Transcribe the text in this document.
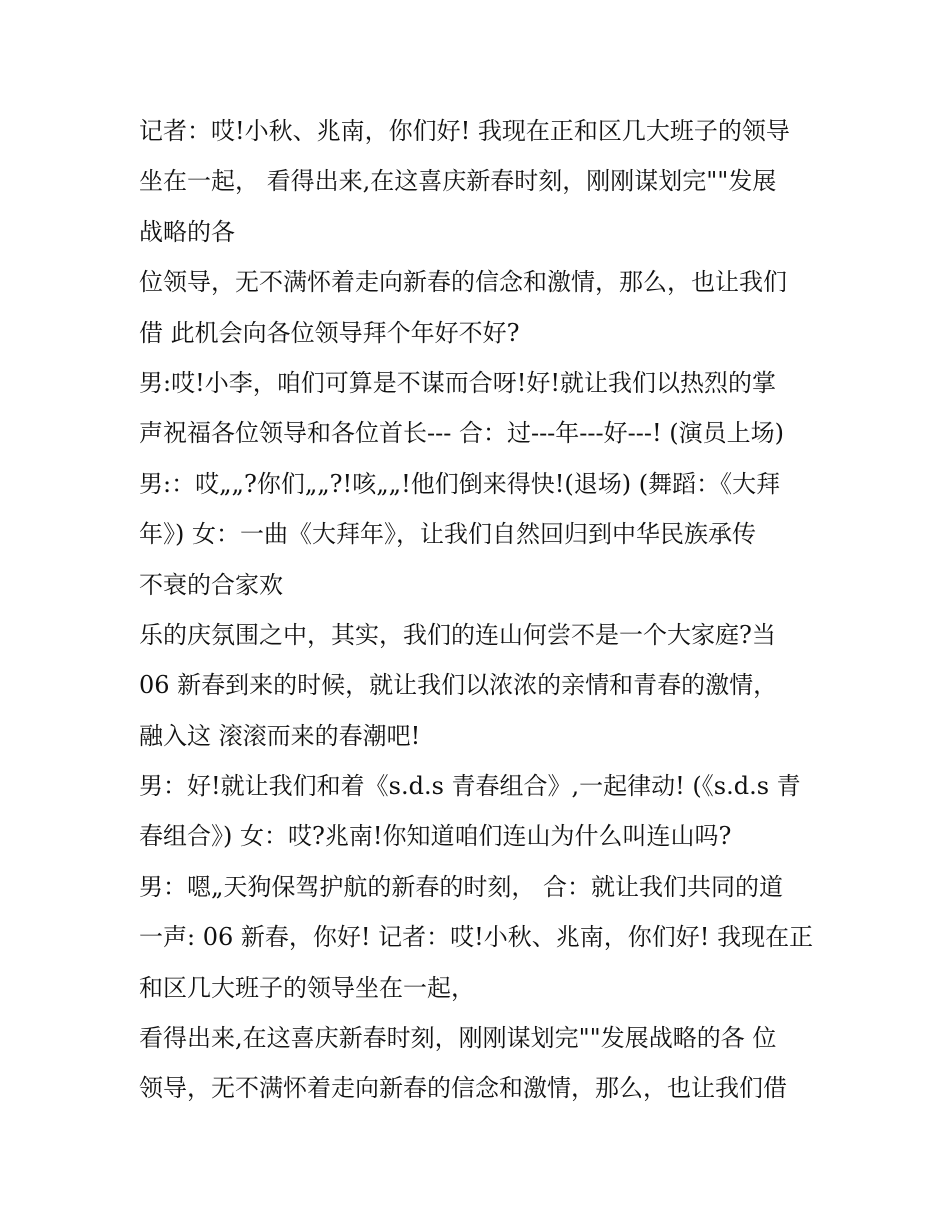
记者：哎!小秋、兆南，你们好! 我现在正和区几大班子的领导
坐在一起， 看得出来,在这喜庆新春时刻，刚刚谋划完""发展
战略的各
位领导，无不满怀着走向新春的信念和激情，那么，也让我们
借 此机会向各位领导拜个年好不好?
男:哎!小李，咱们可算是不谋而合呀!好!就让我们以热烈的掌
声祝福各位领导和各位首长--- 合：过---年---好---! (演员上场)
男:：哎„„?你们„„?!咳„„!他们倒来得快!(退场) (舞蹈：《大拜
年》) 女：一曲《大拜年》，让我们自然回归到中华民族承传
不衰的合家欢
乐的庆氛围之中，其实，我们的连山何尝不是一个大家庭?当
06 新春到来的时候，就让我们以浓浓的亲情和青春的激情，
融入这 滚滚而来的春潮吧!
男：好!就让我们和着《s.d.s 青春组合》,一起律动! (《s.d.s 青
春组合》) 女：哎?兆南!你知道咱们连山为什么叫连山吗?
男：嗯„天狗保驾护航的新春的时刻， 合：就让我们共同的道
一声: 06 新春，你好! 记者：哎!小秋、兆南，你们好! 我现在正
和区几大班子的领导坐在一起，
看得出来,在这喜庆新春时刻，刚刚谋划完""发展战略的各 位
领导，无不满怀着走向新春的信念和激情，那么，也让我们借
